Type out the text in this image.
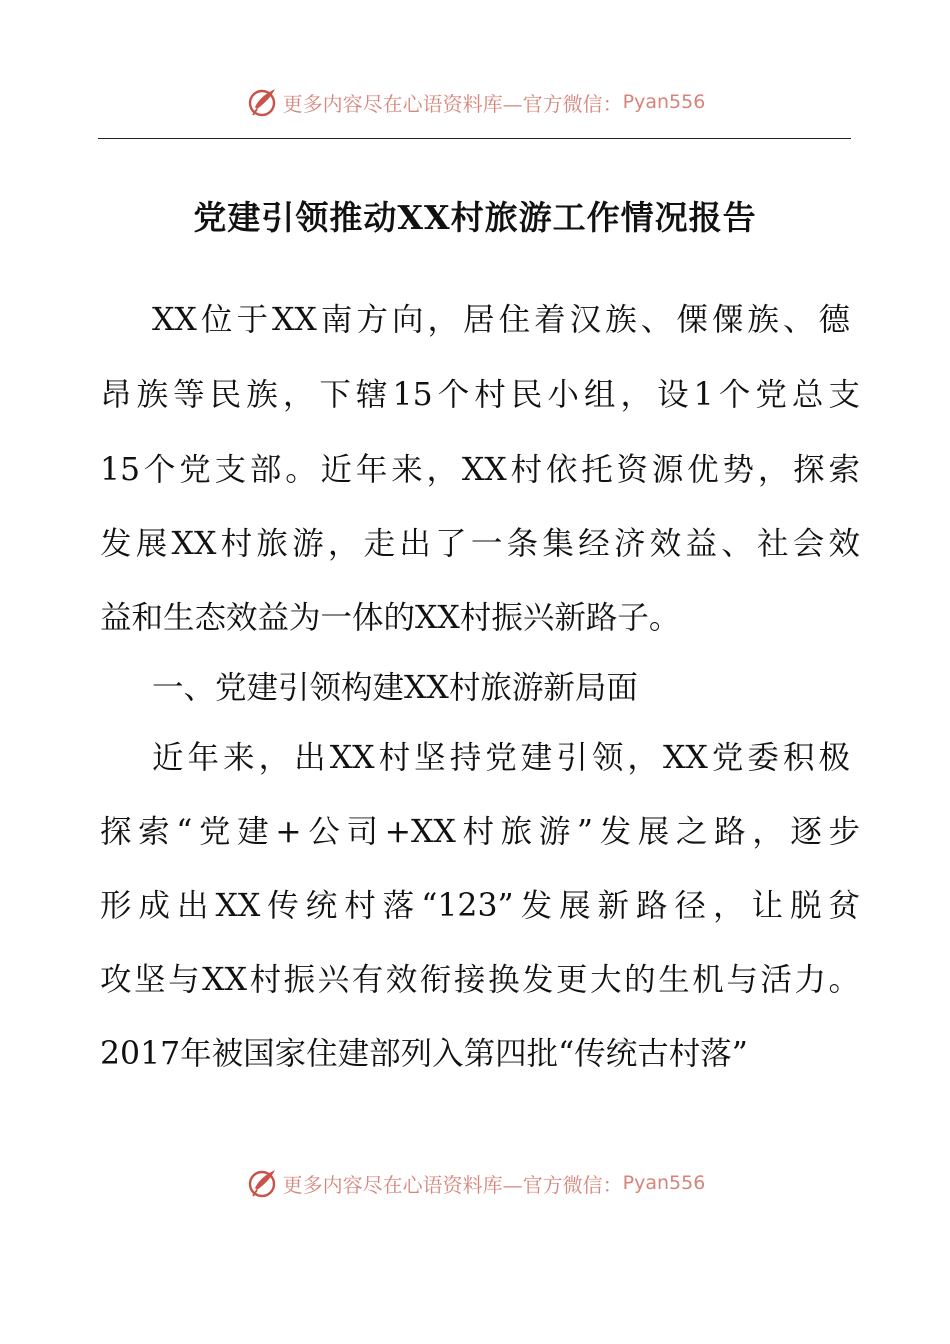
更多内容尽在心语资料库—官方微信： Pyan556
党建引领推动XX村旅游工作情况报告
XX位于XX南方向，居住着汉族、傈僳族、德
昂族等民族，下辖15个村民小组，设1个党总支
15个党支部。近年来，XX村依托资源优势，探索
发展XX村旅游，走出了一条集经济效益、社会效
益和生态效益为一体的XX村振兴新路子。
一、党建引领构建XX村旅游新局面
近年来，出XX村坚持党建引领，XX党委积极
探索“党建+公司+XX村旅游”发展之路，逐步
形成出XX传统村落“123”发展新路径，让脱贫
攻坚与XX村振兴有效衔接换发更大的生机与活力。
2017年被国家住建部列入第四批“传统古村落”
更多内容尽在心语资料库—官方微信： Pyan556
